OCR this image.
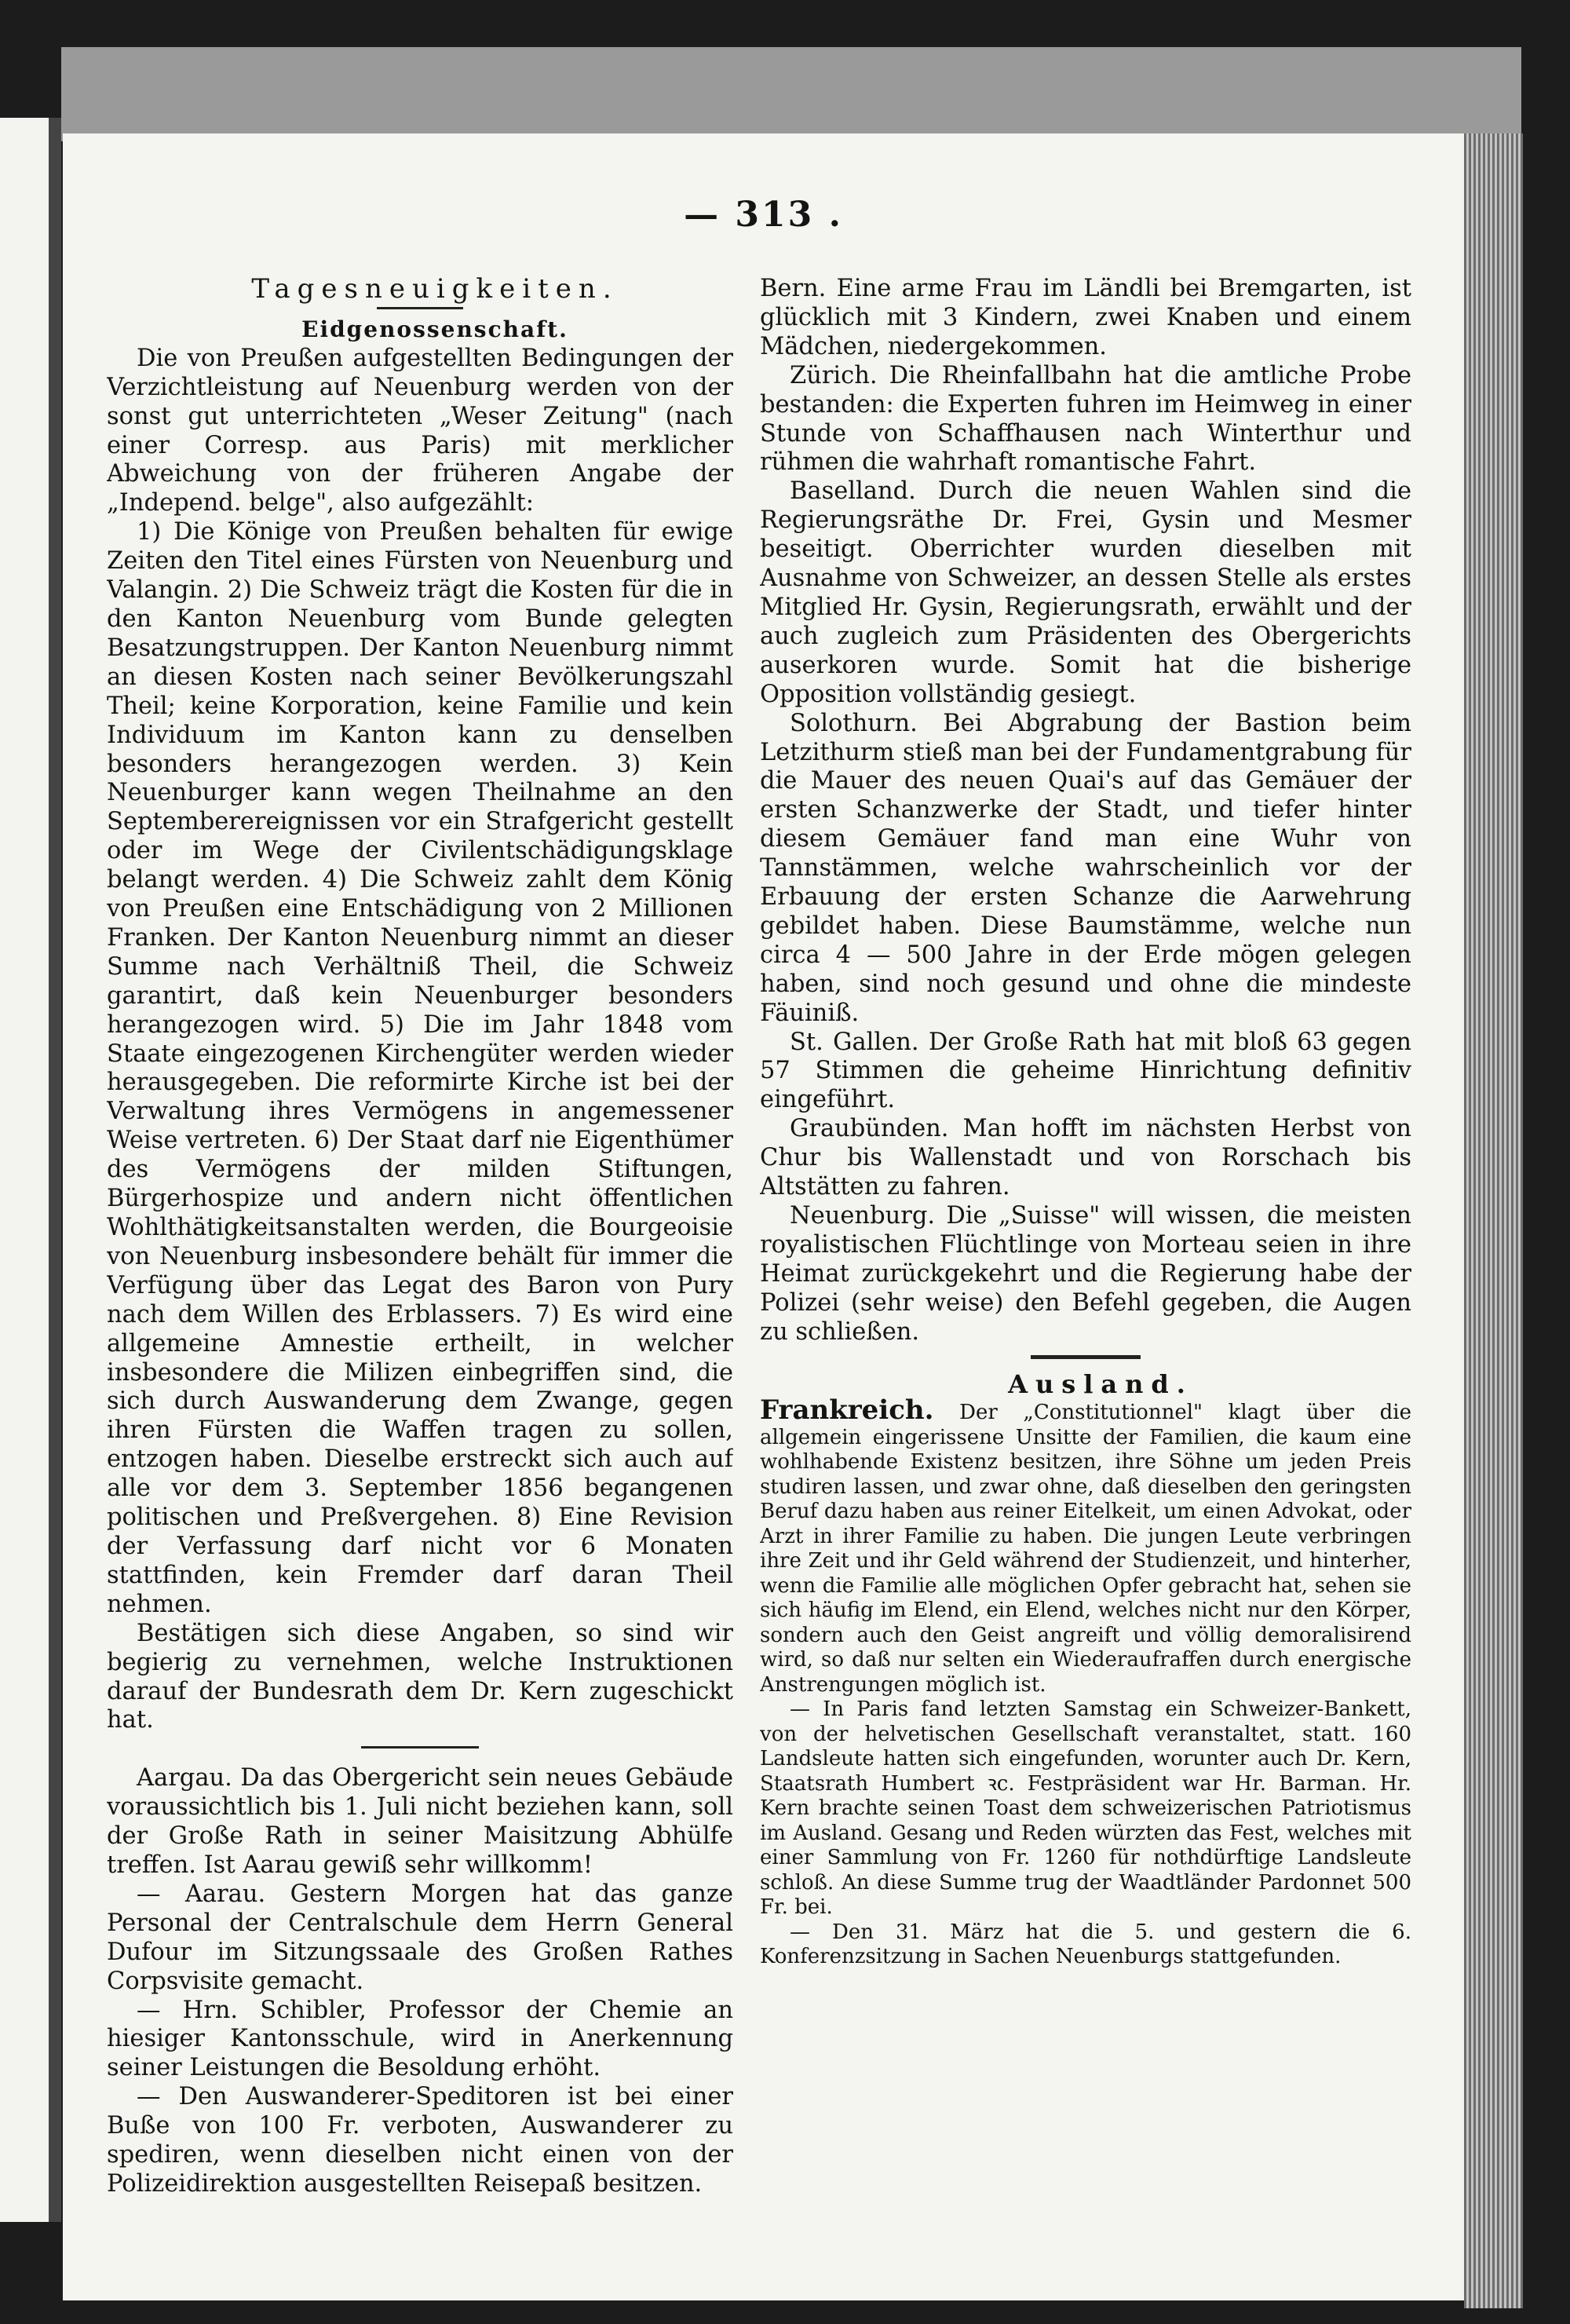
— 313 .

Tagesneuigkeiten.

Eidgenossenschaft.

Die von Preußen aufgestellten Bedingungen der Verzichtleistung auf Neuenburg werden von der sonst gut unterrichteten „Weser Zeitung" (nach einer Corresp. aus Paris) mit merklicher Abweichung von der früheren Angabe der „Independ. belge", also aufgezählt:

1) Die Könige von Preußen behalten für ewige Zeiten den Titel eines Fürsten von Neuenburg und Valangin. 2) Die Schweiz trägt die Kosten für die in den Kanton Neuenburg vom Bunde gelegten Besatzungstruppen. Der Kanton Neuenburg nimmt an diesen Kosten nach seiner Bevölkerungszahl Theil; keine Korporation, keine Familie und kein Individuum im Kanton kann zu denselben besonders herangezogen werden. 3) Kein Neuenburger kann wegen Theilnahme an den Septemberereignissen vor ein Strafgericht gestellt oder im Wege der Civilentschädigungsklage belangt werden. 4) Die Schweiz zahlt dem König von Preußen eine Entschädigung von 2 Millionen Franken. Der Kanton Neuenburg nimmt an dieser Summe nach Verhältniß Theil, die Schweiz garantirt, daß kein Neuenburger besonders herangezogen wird. 5) Die im Jahr 1848 vom Staate eingezogenen Kirchengüter werden wieder herausgegeben. Die reformirte Kirche ist bei der Verwaltung ihres Vermögens in angemessener Weise vertreten. 6) Der Staat darf nie Eigenthümer des Vermögens der milden Stiftungen, Bürgerhospize und andern nicht öffentlichen Wohlthätigkeitsanstalten werden, die Bourgeoisie von Neuenburg insbesondere behält für immer die Verfügung über das Legat des Baron von Pury nach dem Willen des Erblassers. 7) Es wird eine allgemeine Amnestie ertheilt, in welcher insbesondere die Milizen einbegriffen sind, die sich durch Auswanderung dem Zwange, gegen ihren Fürsten die Waffen tragen zu sollen, entzogen haben. Dieselbe erstreckt sich auch auf alle vor dem 3. September 1856 begangenen politischen und Preßvergehen. 8) Eine Revision der Verfassung darf nicht vor 6 Monaten stattfinden, kein Fremder darf daran Theil nehmen.

Bestätigen sich diese Angaben, so sind wir begierig zu vernehmen, welche Instruktionen darauf der Bundesrath dem Dr. Kern zugeschickt hat.

Aargau. Da das Obergericht sein neues Gebäude voraussichtlich bis 1. Juli nicht beziehen kann, soll der Große Rath in seiner Maisitzung Abhülfe treffen. Ist Aarau gewiß sehr willkomm!

— Aarau. Gestern Morgen hat das ganze Personal der Centralschule dem Herrn General Dufour im Sitzungssaale des Großen Rathes Corpsvisite gemacht.

— Hrn. Schibler, Professor der Chemie an hiesiger Kantonsschule, wird in Anerkennung seiner Leistungen die Besoldung erhöht.

— Den Auswanderer-Speditoren ist bei einer Buße von 100 Fr. verboten, Auswanderer zu spediren, wenn dieselben nicht einen von der Polizeidirektion ausgestellten Reisepaß besitzen.

Bern. Eine arme Frau im Ländli bei Bremgarten, ist glücklich mit 3 Kindern, zwei Knaben und einem Mädchen, niedergekommen.

Zürich. Die Rheinfallbahn hat die amtliche Probe bestanden: die Experten fuhren im Heimweg in einer Stunde von Schaffhausen nach Winterthur und rühmen die wahrhaft romantische Fahrt.

Baselland. Durch die neuen Wahlen sind die Regierungsräthe Dr. Frei, Gysin und Mesmer beseitigt. Oberrichter wurden dieselben mit Ausnahme von Schweizer, an dessen Stelle als erstes Mitglied Hr. Gysin, Regierungsrath, erwählt und der auch zugleich zum Präsidenten des Obergerichts auserkoren wurde. Somit hat die bisherige Opposition vollständig gesiegt.

Solothurn. Bei Abgrabung der Bastion beim Letzithurm stieß man bei der Fundamentgrabung für die Mauer des neuen Quai's auf das Gemäuer der ersten Schanzwerke der Stadt, und tiefer hinter diesem Gemäuer fand man eine Wuhr von Tannstämmen, welche wahrscheinlich vor der Erbauung der ersten Schanze die Aarwehrung gebildet haben. Diese Baumstämme, welche nun circa 4 — 500 Jahre in der Erde mögen gelegen haben, sind noch gesund und ohne die mindeste Fäuiniß.

St. Gallen. Der Große Rath hat mit bloß 63 gegen 57 Stimmen die geheime Hinrichtung definitiv eingeführt.

Graubünden. Man hofft im nächsten Herbst von Chur bis Wallenstadt und von Rorschach bis Altstätten zu fahren.

Neuenburg. Die „Suisse" will wissen, die meisten royalistischen Flüchtlinge von Morteau seien in ihre Heimat zurückgekehrt und die Regierung habe der Polizei (sehr weise) den Befehl gegeben, die Augen zu schließen.

Ausland.

Frankreich. Der „Constitutionnel" klagt über die allgemein eingerissene Unsitte der Familien, die kaum eine wohlhabende Existenz besitzen, ihre Söhne um jeden Preis studiren lassen, und zwar ohne, daß dieselben den geringsten Beruf dazu haben aus reiner Eitelkeit, um einen Advokat, oder Arzt in ihrer Familie zu haben. Die jungen Leute verbringen ihre Zeit und ihr Geld während der Studienzeit, und hinterher, wenn die Familie alle möglichen Opfer gebracht hat, sehen sie sich häufig im Elend, ein Elend, welches nicht nur den Körper, sondern auch den Geist angreift und völlig demoralisirend wird, so daß nur selten ein Wiederaufraffen durch energische Anstrengungen möglich ist.

— In Paris fand letzten Samstag ein Schweizer-Bankett, von der helvetischen Gesellschaft veranstaltet, statt. 160 Landsleute hatten sich eingefunden, worunter auch Dr. Kern, Staatsrath Humbert ꝛc. Festpräsident war Hr. Barman. Hr. Kern brachte seinen Toast dem schweizerischen Patriotismus im Ausland. Gesang und Reden würzten das Fest, welches mit einer Sammlung von Fr. 1260 für nothdürftige Landsleute schloß. An diese Summe trug der Waadtländer Pardonnet 500 Fr. bei.

— Den 31. März hat die 5. und gestern die 6. Konferenzsitzung in Sachen Neuenburgs stattgefunden.
